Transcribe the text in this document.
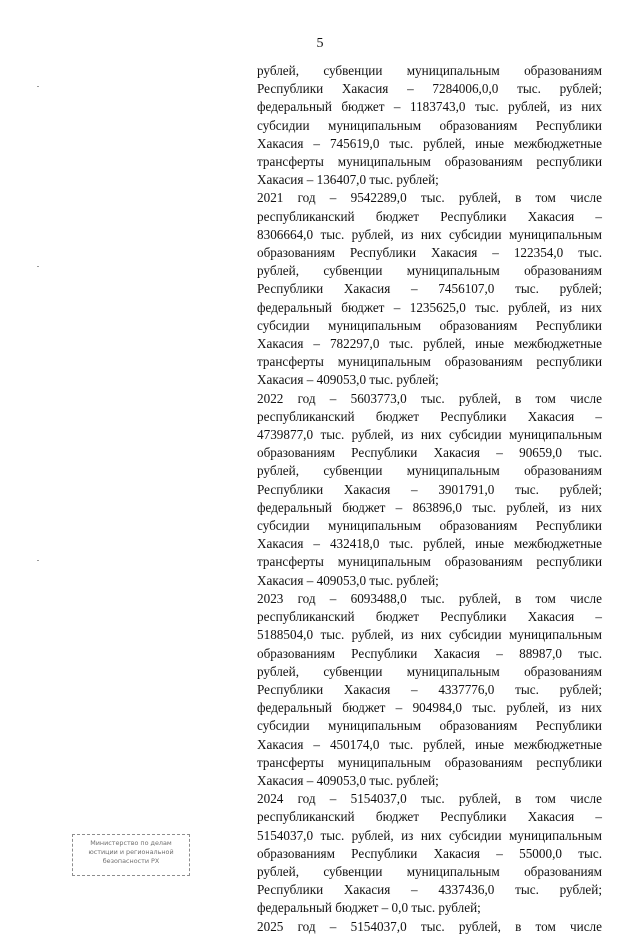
5
рублей, субвенции муниципальным образованиям
Республики Хакасия – 7284006,0,0 тыс. рублей;
федеральный бюджет – 1183743,0 тыс. рублей, из них
субсидии муниципальным образованиям Республики
Хакасия – 745619,0 тыс. рублей, иные межбюджетные
трансферты муниципальным образованиям республики
Хакасия – 136407,0 тыс. рублей;
2021 год – 9542289,0 тыс. рублей, в том числе
республиканский бюджет Республики Хакасия –
8306664,0 тыс. рублей, из них субсидии муниципальным
образованиям Республики Хакасия – 122354,0 тыс.
рублей, субвенции муниципальным образованиям
Республики Хакасия – 7456107,0 тыс. рублей;
федеральный бюджет – 1235625,0 тыс. рублей, из них
субсидии муниципальным образованиям Республики
Хакасия – 782297,0 тыс. рублей, иные межбюджетные
трансферты муниципальным образованиям республики
Хакасия – 409053,0 тыс. рублей;
2022 год – 5603773,0 тыс. рублей, в том числе
республиканский бюджет Республики Хакасия –
4739877,0 тыс. рублей, из них субсидии муниципальным
образованиям Республики Хакасия – 90659,0 тыс.
рублей, субвенции муниципальным образованиям
Республики Хакасия – 3901791,0 тыс. рублей;
федеральный бюджет – 863896,0 тыс. рублей, из них
субсидии муниципальным образованиям Республики
Хакасия – 432418,0 тыс. рублей, иные межбюджетные
трансферты муниципальным образованиям республики
Хакасия – 409053,0 тыс. рублей;
2023 год – 6093488,0 тыс. рублей, в том числе
республиканский бюджет Республики Хакасия –
5188504,0 тыс. рублей, из них субсидии муниципальным
образованиям Республики Хакасия – 88987,0 тыс.
рублей, субвенции муниципальным образованиям
Республики Хакасия – 4337776,0 тыс. рублей;
федеральный бюджет – 904984,0 тыс. рублей, из них
субсидии муниципальным образованиям Республики
Хакасия – 450174,0 тыс. рублей, иные межбюджетные
трансферты муниципальным образованиям республики
Хакасия – 409053,0 тыс. рублей;
2024 год – 5154037,0 тыс. рублей, в том числе
республиканский бюджет Республики Хакасия –
5154037,0 тыс. рублей, из них субсидии муниципальным
образованиям Республики Хакасия – 55000,0 тыс.
рублей, субвенции муниципальным образованиям
Республики Хакасия – 4337436,0 тыс. рублей;
федеральный бюджет – 0,0 тыс. рублей;
2025 год – 5154037,0 тыс. рублей, в том числе
Министерство по делам
юстиции и региональной
безопасности РХ
